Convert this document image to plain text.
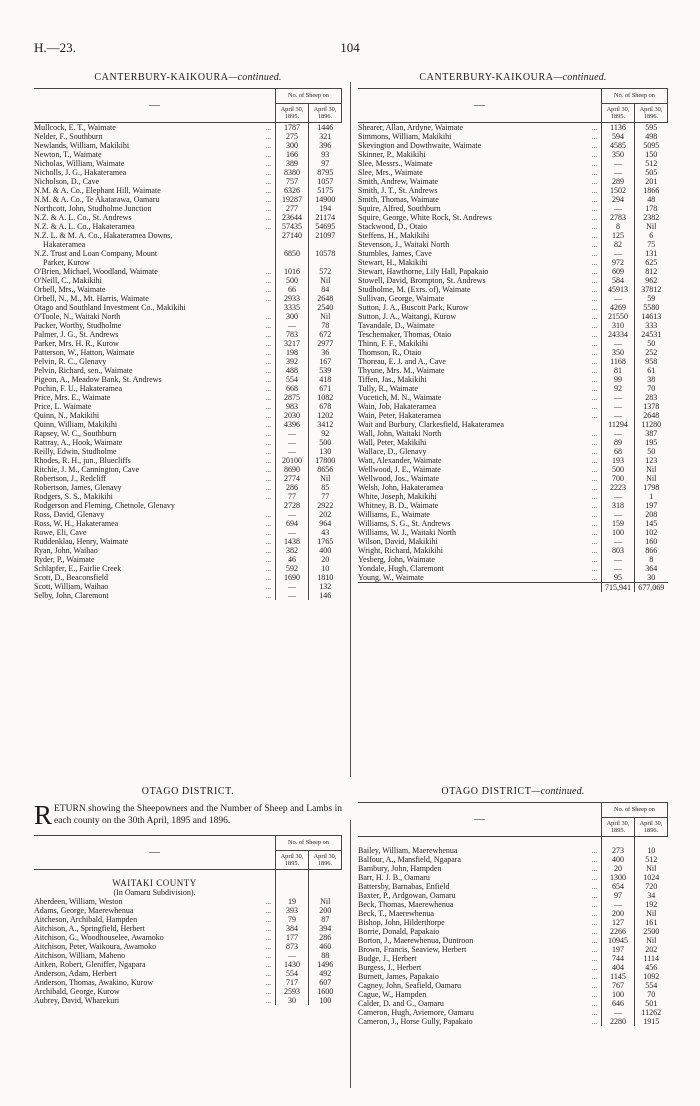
H.—23.	104
CANTERBURY-KAIKOURA—continued.
—		No. of Sheep on	
		April 30, 1895.	April 30, 1896.
Mullcock, E. T., Waimate	...	1787	1446
Nelder, F., Southburn	...	275	321
Newlands, William, Makikihi	...	300	396
Newton, T., Waimate	...	166	93
Nicholas, William, Waimate	...	389	97
Nicholls, J. G., Hakateramea	...	8380	8795
Nicholson, D., Cave	...	757	1057
N.M. & A. Co., Elephant Hill, Waimate	...	6326	5175
N.M. & A. Co., Te Akatarawa, Oamaru	...	19287	14900
Northcott, John, Studholme Junction	...	277	194
N.Z. & A. L. Co., St. Andrews	...	23644	21174
N.Z. & A. L. Co., Hakateramea	...	57435	54695
N.Z. L. & M. A. Co., Hakateramea Downs,		27140	21097
Hakateramea			
N.Z. Trust and Loan Company, Mount		6850	10578
Parker, Kurow			
O'Brien, Michael, Woodland, Waimate	...	1016	572
O'Neill, C., Makikihi	...	500	Nil
Orbell, Mrs., Waimate	...	66	84
Orbell, N., M., Mt. Harris, Waimate	...	2933	2648
Otago and Southland Investment Co., Makikihi		3335	2540
O'Toole, N., Waitaki North	...	300	Nil
Packer, Worthy, Studholme	...	—	78
Palmer, J. G., St. Andrews	...	783	672
Parker, Mrs. H. R., Kurow	...	3217	2977
Patterson, W., Hatton, Waimate	...	198	36
Pelvin, R. C., Glenavy	...	392	167
Pelvin, Richard, sen., Waimate	...	488	539
Pigeon, A., Meadow Bank, St. Andrews	...	554	418
Pochin, F. U., Hakateramea	...	668	671
Price, Mrs. E., Waimate	...	2875	1082
Price, L. Waimate	...	983	678
Quinn, N., Makikihi	...	2030	1202
Quinn, William, Makikihi	...	4396	3412
Rapsey, W. C., Southburn	...	—	92
Rattray, A., Hook, Waimate	...	—	500
Reilly, Edwin, Studholme	...	—	130
Rhodes, R. H., jun., Bluecliffs	...	20100	17800
Ritchie, J. M., Cannington, Cave	...	8690	8656
Robertson, J., Redcliff	...	2774	Nil
Robertson, James, Glenavy	...	286	85
Rodgers, S. S., Makikihi	...	77	77
Rodgerson and Fleming, Chetnole, Glenavy		2728	2922
Ross, David, Glenavy	...	—	202
Ross, W. H., Hakateramea	...	694	964
Rowe, Eli, Cave	...	—	43
Ruddenklau, Henry, Waimate	...	1438	1765
Ryan, John, Waihao	...	382	400
Ryder, P., Waimate	...	46	20
Schlapfer, E., Fairlie Creek	...	592	10
Scott, D., Beaconsfield	...	1690	1810
Scott, William, Waihao	...	—	132
Selby, John, Claremont	...	—	146
CANTERBURY-KAIKOURA—continued.
—		No. of Sheep on	
		April 30, 1895.	April 30, 1896.
Shearer, Allan, Ardyne, Waimate	...	1136	595
Simmons, William, Makikihi	...	594	498
Skevington and Dowthwaite, Waimate	...	4585	5095
Skinner, P., Makikihi	...	350	150
Slee, Messrs., Waimate	...	—	512
Slee, Mrs., Waimate	...	—	505
Smith, Andrew, Waimate	...	289	201
Smith, J. T., St. Andrews	...	1502	1866
Smith, Thomas, Waimate	...	294	48
Squire, Alfred, Southburn	...	—	178
Squire, George, White Rock, St. Andrews	...	2783	2382
Stackwood, D., Otaio	...	8	Nil
Steffens, H., Makikihi	...	125	6
Stevenson, J., Waitaki North	...	82	75
Stumbles, James, Cave	...	—	131
Stewart, H., Makikihi	...	972	625
Stewart, Hawthorne, Lily Hall, Papakaio	...	609	812
Stowell, David, Brompton, St. Andrews	...	584	962
Studholme, M. (Exrs. of), Waimate	...	45913	37812
Sullivan, George, Waimate	...	—	59
Sutton, J. A., Buscott Park, Kurow	...	4269	5580
Sutton, J. A., Waitangi, Kurow	...	21550	14613
Tavandale, D., Waimate	...	310	333
Teschemaker, Thomas, Otaio	...	24334	24531
Thinn, F. F., Makikihi	...	—	50
Thomson, R., Otaio	...	350	252
Thoreau, E. J. and A., Cave	...	1168	958
Thyune, Mrs. M., Waimate	...	81	61
Tiffen, Jas., Makikihi	...	99	38
Tully, R., Waimate	...	92	70
Vucetich, M. N., Waimate	...	—	283
Wain, Job, Hakateramea	...	—	1378
Wain, Peter, Hakateramea	...	—	2648
Wait and Burbury, Clarkesfield, Hakateramea		11294	11280
Wall, John, Waitaki North	...	—	387
Wall, Peter, Makikihi	...	89	195
Wallace, D., Glenavy	...	68	50
Watt, Alexander, Waimate	...	193	123
Wellwood, J. E., Waimate	...	500	Nil
Wellwood, Jos., Waimate	...	700	Nil
Welsh, John, Hakateramea	...	2223	1798
White, Joseph, Makikihi	...	—	1
Whitney, B. D., Waimate	...	318	197
Williams, E., Waimate	...	—	208
Williams, S. G., St. Andrews	...	159	145
Williams, W. J., Waitaki North	...	100	102
Wilson, David, Makikihi	...	—	160
Wright, Richard, Makikihi	...	803	866
Yesberg, John, Waimate	...	—	8
Yondale, Hugh, Claremont	...	—	364
Young, W., Waimate	...	95	30
		715,941	677,069
OTAGO DISTRICT.
RETURN showing the Sheepowners and the Number of Sheep and Lambs in each county on the 30th April, 1895 and 1896.
—		No. of Sheep on	
		April 30, 1895.	April 30, 1896.

WAITAKI COUNTY			
(In Oamaru Subdivision).			
Aberdeen, William, Weston	...	19	Nil
Adams, George, Maerewhenua	...	393	200
Aitcheson, Archibald, Hampden	...	79	87
Aitchison, A., Springfield, Herbert	...	384	394
Aitchison, G., Woodhouselee, Awamoko	...	177	286
Aitchison, Peter, Waikoura, Awamoko	...	873	460
Aitchison, William, Maheno	...	—	88
Aitken, Robert, Gleniffer, Ngapara	...	1430	1496
Anderson, Adam, Herbert	...	554	492
Anderson, Thomas, Awakino, Kurow	...	717	607
Archibald, George, Kurow	...	2593	1600
Aubrey, David, Wharekuri	...	30	100
OTAGO DISTRICT—continued.
—		No. of Sheep on	
		April 30, 1895.	April 30, 1896.

Bailey, William, Maerewhenua	...	273	10
Balfour, A., Mansfield, Ngapara	...	400	512
Bambury, John, Hampden	...	20	Nil
Barr, H. J. B., Oamaru	...	1300	1024
Battersby, Barnabas, Enfield	...	654	720
Baxter, P., Ardgowan, Oamaru	...	97	34
Beck, Thomas, Maerewhenua	...	—	192
Beck, T., Maerewhenua	...	200	Nil
Bishop, John, Hilderthorpe	...	127	161
Borrie, Donald, Papakaio	...	2266	2500
Borton, J., Maerewhenua, Duntroon	...	10945	Nil
Brown, Francis, Seaview, Herbert	...	197	202
Budge, J., Herbert	...	744	1114
Burgess, J., Herbert	...	404	456
Burnett, James, Papakaio	...	1145	1092
Cagney, John, Seafield, Oamaru	...	767	554
Cague, W., Hampden	...	100	70
Calder, D. and G., Oamaru	...	646	501
Cameron, Hugh, Aviemore, Oamaru	...	—	11262
Cameron, J., Horse Gully, Papakaio	...	2280	1915
